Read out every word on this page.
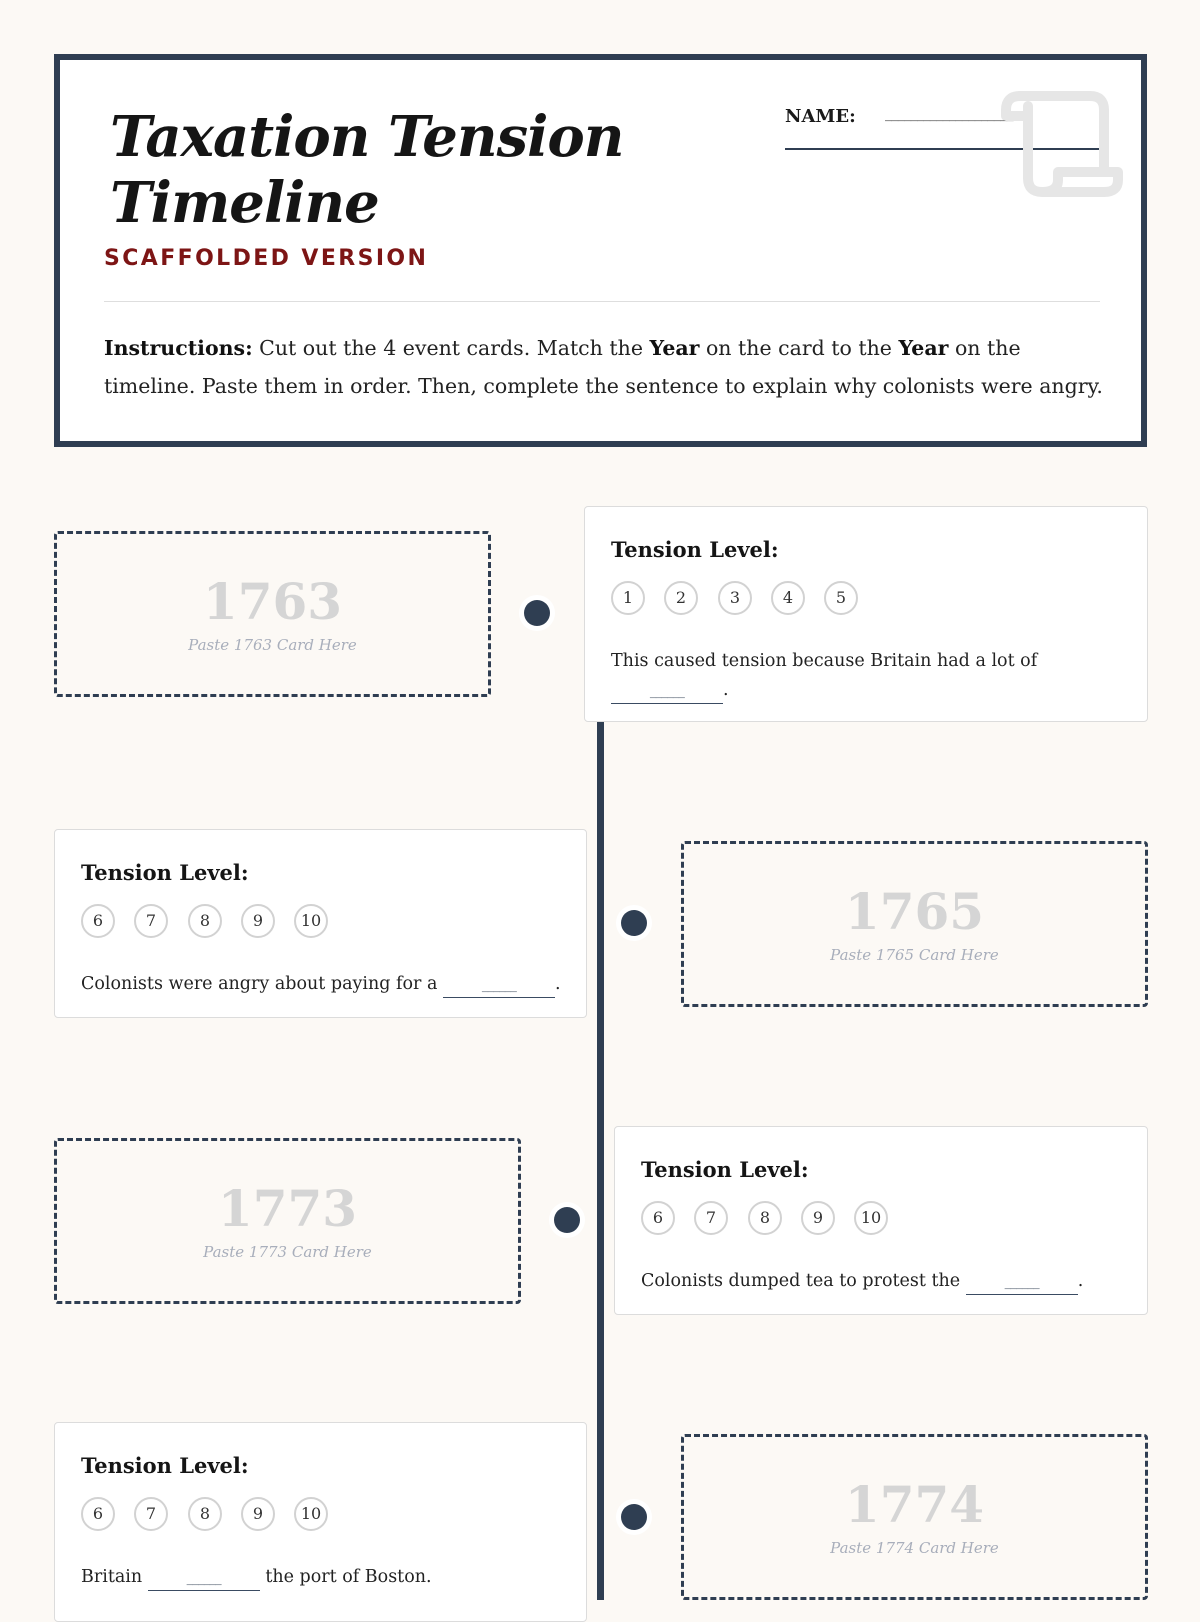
Taxation Tension
Timeline
SCAFFOLDED VERSION
NAME: ____________________
Instructions: Cut out the 4 event cards. Match the Year on the card to the Year on the timeline. Paste them in order. Then, complete the sentence to explain why colonists were angry.
1763
Paste 1763 Card Here
Tension Level:
1	2	3	4	5
This caused tension because Britain had a lot of
______ .
Tension Level:
6	7	8	9	10
Colonists were angry about paying for a	______ .
1765
Paste 1765 Card Here
1773
Paste 1773 Card Here
Tension Level:
6	7	8	9	10
Colonists dumped tea to protest the	______ .
Tension Level:
6	7	8	9	10
Britain	______	the port of Boston.
1774
Paste 1774 Card Here
